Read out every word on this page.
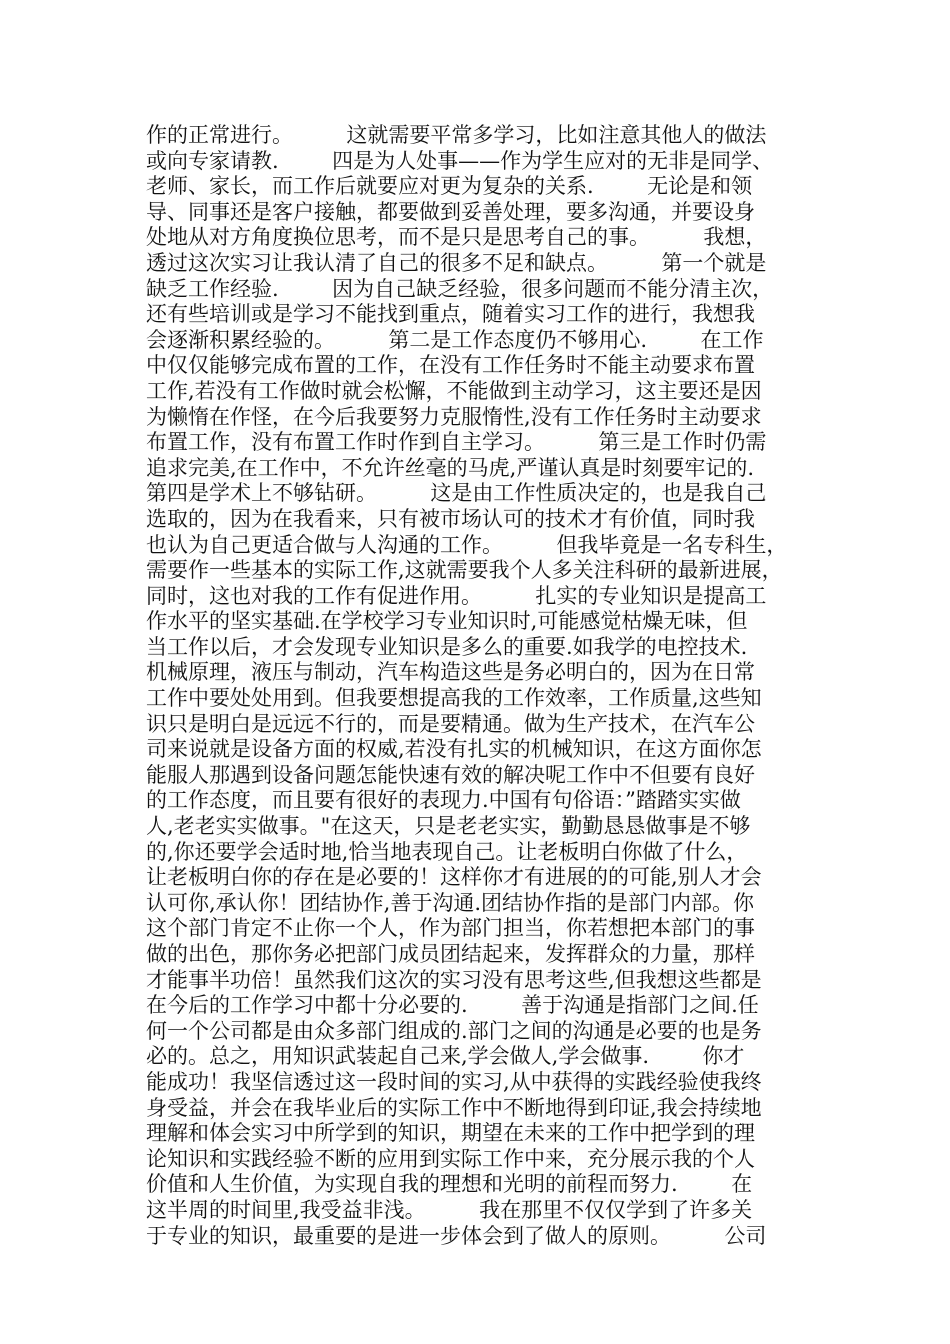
作的正常进行。        这就需要平常多学习，比如注意其他人的做法
或向专家请教.        四是为人处事——作为学生应对的无非是同学、
老师、家长，而工作后就要应对更为复杂的关系.        无论是和领
导、同事还是客户接触，都要做到妥善处理，要多沟通，并要设身
处地从对方角度换位思考，而不是只是思考自己的事。        我想，
透过这次实习让我认清了自己的很多不足和缺点。        第一个就是
缺乏工作经验.        因为自己缺乏经验，很多问题而不能分清主次，
还有些培训或是学习不能找到重点，随着实习工作的进行，我想我
会逐渐积累经验的。        第二是工作态度仍不够用心.        在工作
中仅仅能够完成布置的工作，在没有工作任务时不能主动要求布置
工作,若没有工作做时就会松懈，不能做到主动学习，这主要还是因
为懒惰在作怪，在今后我要努力克服惰性,没有工作任务时主动要求
布置工作，没有布置工作时作到自主学习。        第三是工作时仍需
追求完美,在工作中，不允许丝毫的马虎,严谨认真是时刻要牢记的.
第四是学术上不够钻研。        这是由工作性质决定的，也是我自己
选取的，因为在我看来，只有被市场认可的技术才有价值，同时我
也认为自己更适合做与人沟通的工作。        但我毕竟是一名专科生，
需要作一些基本的实际工作,这就需要我个人多关注科研的最新进展，
同时，这也对我的工作有促进作用。        扎实的专业知识是提高工
作水平的坚实基础.在学校学习专业知识时,可能感觉枯燥无味，但
当工作以后，才会发现专业知识是多么的重要.如我学的电控技术.
机械原理，液压与制动，汽车构造这些是务必明白的，因为在日常
工作中要处处用到。但我要想提高我的工作效率，工作质量,这些知
识只是明白是远远不行的，而是要精通。做为生产技术，在汽车公
司来说就是设备方面的权威,若没有扎实的机械知识，在这方面你怎
能服人那遇到设备问题怎能快速有效的解决呢工作中不但要有良好
的工作态度，而且要有很好的表现力.中国有句俗语：”踏踏实实做
人,老老实实做事。"在这天，只是老老实实，勤勤恳恳做事是不够
的,你还要学会适时地,恰当地表现自己。让老板明白你做了什么，
让老板明白你的存在是必要的！这样你才有进展的的可能,别人才会
认可你,承认你！团结协作,善于沟通.团结协作指的是部门内部。你
这个部门肯定不止你一个人，作为部门担当，你若想把本部门的事
做的出色，那你务必把部门成员团结起来，发挥群众的力量，那样
才能事半功倍！虽然我们这次的实习没有思考这些,但我想这些都是
在今后的工作学习中都十分必要的.        善于沟通是指部门之间.任
何一个公司都是由众多部门组成的.部门之间的沟通是必要的也是务
必的。总之，用知识武装起自己来,学会做人,学会做事.        你才
能成功！我坚信透过这一段时间的实习,从中获得的实践经验使我终
身受益，并会在我毕业后的实际工作中不断地得到印证,我会持续地
理解和体会实习中所学到的知识，期望在未来的工作中把学到的理
论知识和实践经验不断的应用到实际工作中来，充分展示我的个人
价值和人生价值，为实现自我的理想和光明的前程而努力.        在
这半周的时间里,我受益非浅。        我在那里不仅仅学到了许多关
于专业的知识，最重要的是进一步体会到了做人的原则。        公司
